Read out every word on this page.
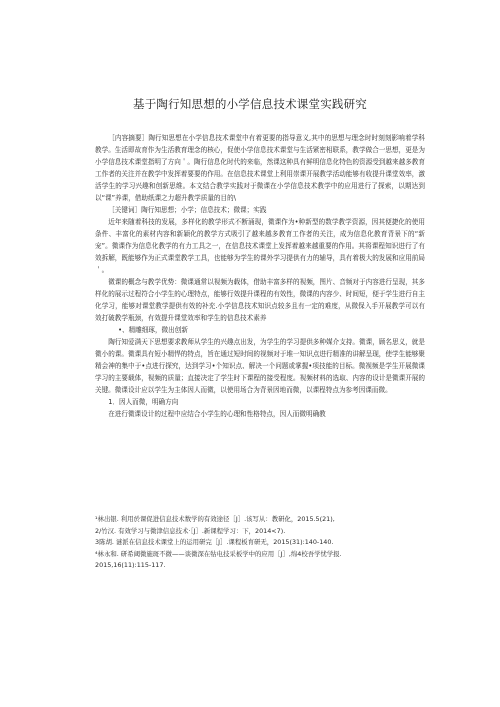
基于陶行知思想的小学信息技术课堂实践研究

［内容摘要］陶行知思想在小学信息技术课堂中有着更要的指导意义,其中的思想与理念时时刻刻影响着学科教学。生活即故育作为生活教育理念的核心，促使小学信息技术课堂与生活紧密相联系，教学做合一思想，更是为小学信息技术课堂指明了方向＇。陶行信息化时代的来临，然课这种具有鲜明信息化特色的资源受到越来越多教育工作者的关注并在教学中发挥着要要的作用。在信息技术课堂上利用崇课开展教学活动能够有收提升课堂效率，激活学生的学习兴趣和创新思维。本文结合教学实践对于微课在小学信息技术教学中的应用进行了探索，以期达到以“课”养课，借助纸课之力超升教学质量的目的\

［关键词］陶行知思想；小学；信息技术；微课；实践

近年来随着科技的发展，多样化的教学形式不断涌现，微课作为•种新型的数学教学资源，因其便捷化的使用条件、丰富化的素材内容和新颖化的教学方式吸引了越来越多教育工作者的关注，成为信息化教育背景下的“新宠”。微课作为信息化教学的有力工具之一，在信息技术课堂上发挥着越来越重要的作用。其将课程知识进行了有效拆解，既能够作为正式课堂教学工具，也能够为学生的课外学习提供有力的辅导，具有着极大的发展和应用前局＇。

微课的概念与教学优势：微课通常以视频为载体，借助丰富多样的视频，图片、音频对于内容进行呈现，其多样化的展示过程符合小学生的心理特点，能够行效提升课程的有效性，微课的内容少、时间短，便于学生进行自主化学习，能够对课堂教学提供有效的补充.小学信息技术知识点较多且有一定的难度，从微保入手开展教学可以有效打破教学瓶颈，有效提升课堂效率和学生的信息技术素养

•、精雕细琢，微出创新

陶行知爱满天下思想要求教师从学生的兴趣点出发，为学生的学习提供多种媒介支持。微课，顾名思义，就是微小的课。微课具有短小精悍的特点，旨在通过短时间的视频对于堆一知识点进行精准的讲解呈现，使学生能够聚精会神的集中于•点进行探究，达到学习•个知识点、解决一个问题或掌握•项技能的目标。微视频是学生开展微课学习的主要载体，视频的质量；直接决定了学生时下课程的接受程度。视频材料的选取、内容的设计是微课开展的关键。微课设计应以学生为主体因人而微，以使用场合为背景因地而微，以课程特点为参考因课而微。

1．因人而微，明确方向

在进行微课设计的过程中应结合小学生的心理和性格特点，因人而微明确教

¹林出银. 利用於课促进信息技术数学的有效途径［J］.该写从：教研化，2015.5(21),

2/竹汉. 有效学习与微津信息技术·［J］.新课程学习：下，2014<7).

3陈胡. 谜派在信息技术课堂上的运用研完［J］.课程板育研无，2015(31):140-140.

⁴林永和. 研希阈微施斑不微——谈微深在牯电技采板学中的应用［J］,绵4校吾学忧学报.

2015,16(11):115-117.
